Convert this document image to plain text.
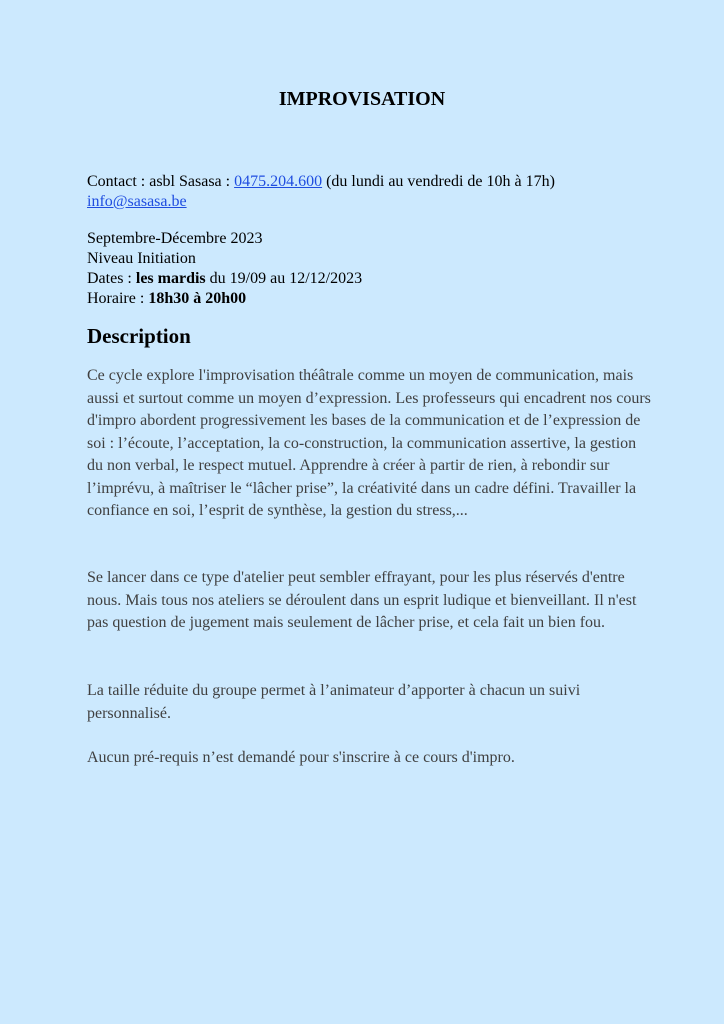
IMPROVISATION
Contact : asbl Sasasa : 0475.204.600 (du lundi au vendredi de 10h à 17h)
info@sasasa.be
Septembre-Décembre 2023
Niveau Initiation
Dates : les mardis du 19/09 au 12/12/2023
Horaire : 18h30 à 20h00
Description

Ce cycle explore l'improvisation théâtrale comme un moyen de communication, mais aussi et surtout comme un moyen d’expression. Les professeurs qui encadrent nos cours d'impro abordent progressivement les bases de la communication et de l’expression de soi : l’écoute, l’acceptation, la co-construction, la communication assertive, la gestion du non verbal, le respect mutuel. Apprendre à créer à partir de rien, à rebondir sur l’imprévu, à maîtriser le “lâcher prise”, la créativité dans un cadre défini. Travailler la confiance en soi, l’esprit de synthèse, la gestion du stress,...

Se lancer dans ce type d'atelier peut sembler effrayant, pour les plus réservés d'entre nous. Mais tous nos ateliers se déroulent dans un esprit ludique et bienveillant. Il n'est pas question de jugement mais seulement de lâcher prise, et cela fait un bien fou.

La taille réduite du groupe permet à l’animateur d’apporter à chacun un suivi personnalisé.

Aucun pré-requis n’est demandé pour s'inscrire à ce cours d'impro.
